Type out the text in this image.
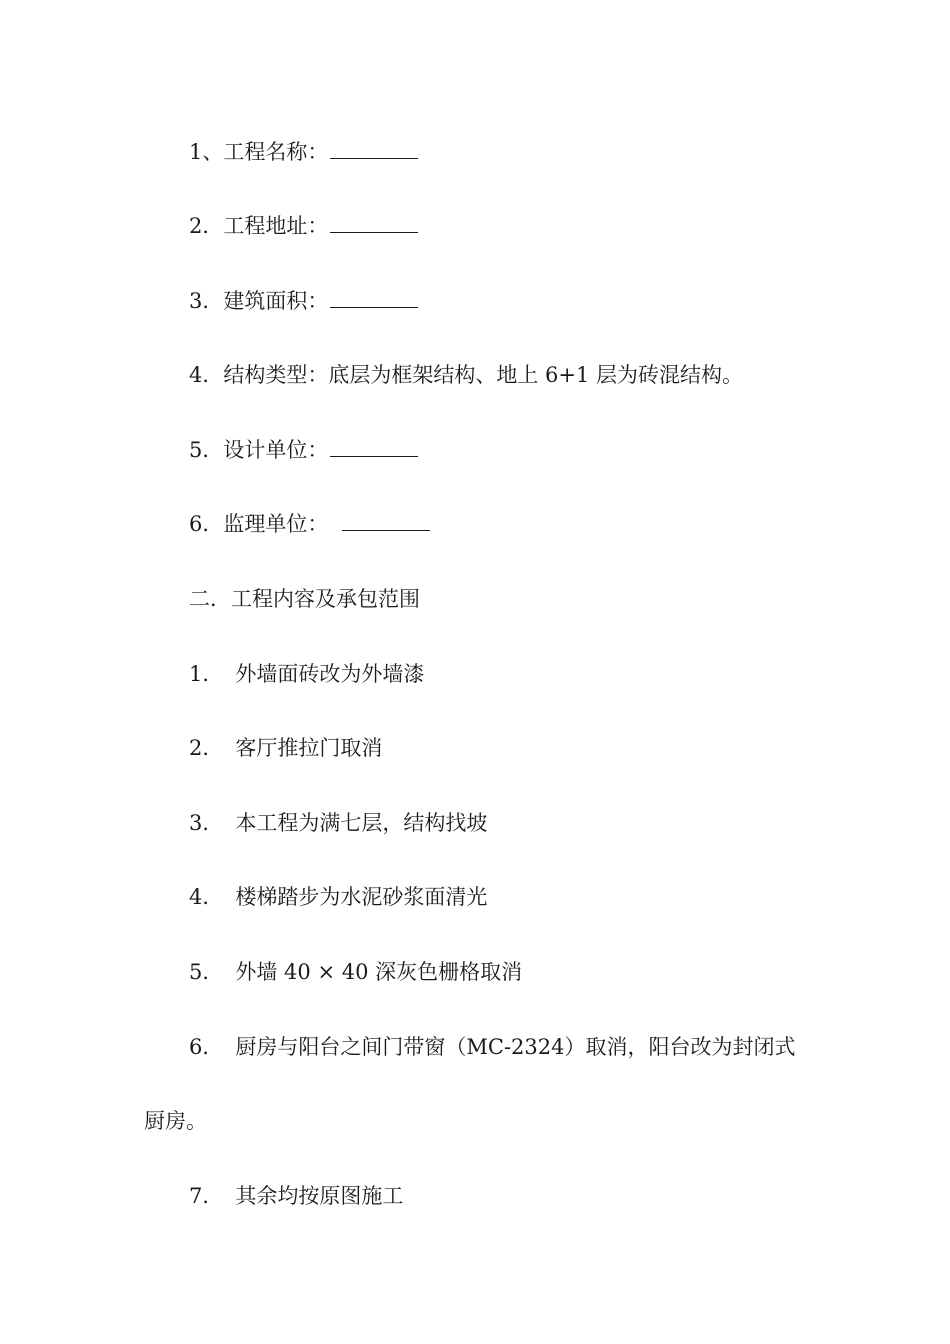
1、工程名称：
2．工程地址：
3．建筑面积：
4．结构类型：底层为框架结构、地上 6+1 层为砖混结构。
5．设计单位：
6．监理单位：
二．工程内容及承包范围
1． 外墙面砖改为外墙漆
2． 客厅推拉门取消
3． 本工程为满七层，结构找坡
4． 楼梯踏步为水泥砂浆面清光
5． 外墙 40 × 40 深灰色栅格取消
6． 厨房与阳台之间门带窗（MC-2324）取消，阳台改为封闭式
厨房。
7． 其余均按原图施工
